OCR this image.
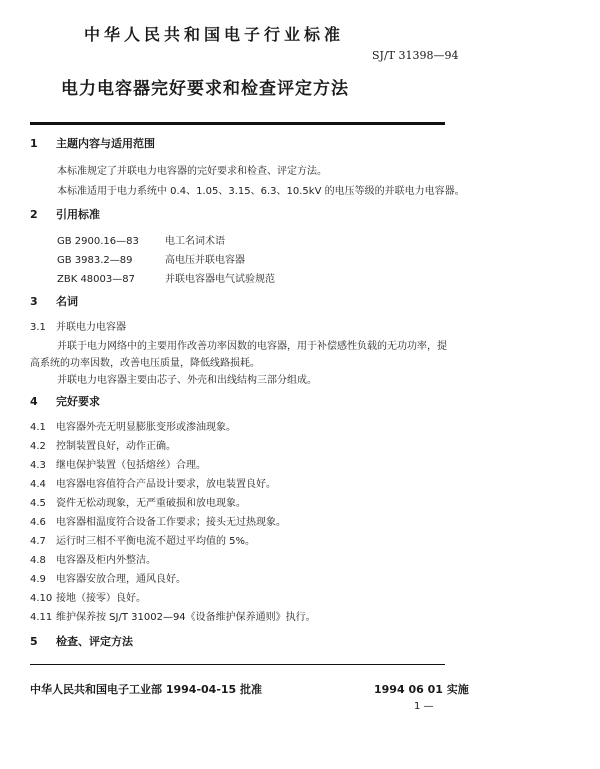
中华人民共和国电子行业标准
SJ/T 31398—94
电力电容器完好要求和检查评定方法
1 主题内容与适用范围
本标准规定了并联电力电容器的完好要求和检查、评定方法。
本标准适用于电力系统中 0.4、1.05、3.15、6.3、10.5kV 的电压等级的并联电力电容器。
2 引用标准
GB 2900.16—83	电工名词术语
GB 3983.2—89	高电压并联电容器
ZBK 48003—87	并联电容器电气试验规范
3 名词
3.1 并联电力电容器
并联于电力网络中的主要用作改善功率因数的电容器，用于补偿感性负载的无功功率，提
高系统的功率因数，改善电压质量，降低线路损耗。
并联电力电容器主要由芯子、外壳和出线结构三部分组成。
4 完好要求
4.1 电容器外壳无明显膨胀变形或渗油现象。
4.2 控制装置良好，动作正确。
4.3 继电保护装置（包括熔丝）合理。
4.4 电容器电容值符合产品设计要求，放电装置良好。
4.5 瓷件无松动现象，无严重破损和放电现象。
4.6 电容器相温度符合设备工作要求；接头无过热现象。
4.7 运行时三相不平衡电流不超过平均值的 5%。
4.8 电容器及柜内外整洁。
4.9 电容器安放合理，通风良好。
4.10 接地（接零）良好。
4.11 维护保养按 SJ/T 31002—94《设备维护保养通则》执行。
5 检查、评定方法
中华人民共和国电子工业部 1994-04-15 批准	1994 06 01 实施
1 —
